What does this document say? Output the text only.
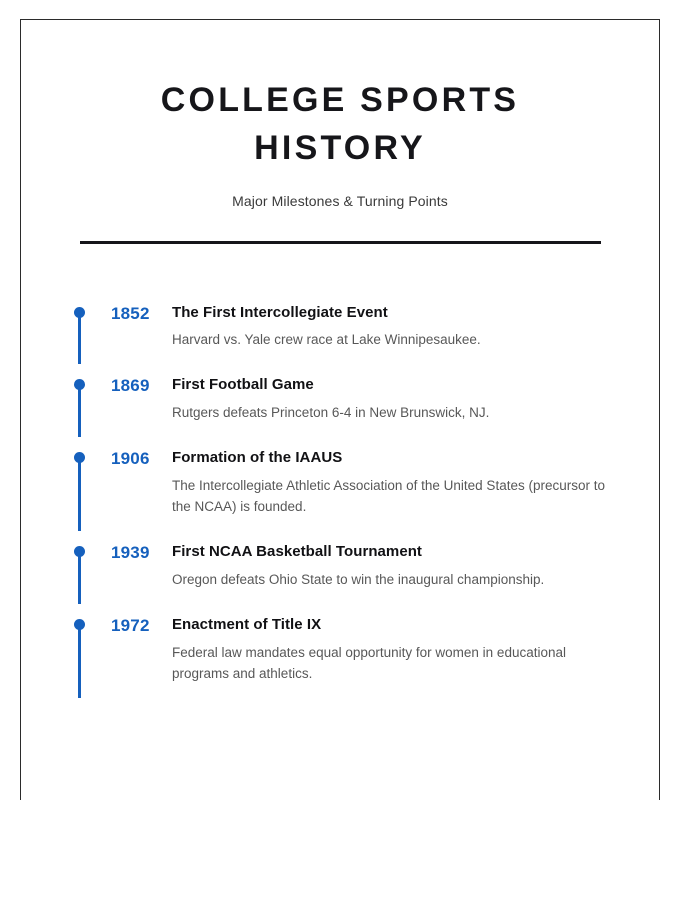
COLLEGE SPORTS HISTORY

Major Milestones & Turning Points

1852	The First Intercollegiate Event

Harvard vs. Yale crew race at Lake Winnipesaukee.

1869	First Football Game

Rutgers defeats Princeton 6-4 in New Brunswick, NJ.

1906	Formation of the IAAUS

The Intercollegiate Athletic Association of the United States (precursor to the NCAA) is founded.

1939	First NCAA Basketball Tournament

Oregon defeats Ohio State to win the inaugural championship.

1972	Enactment of Title IX

Federal law mandates equal opportunity for women in educational programs and athletics.
